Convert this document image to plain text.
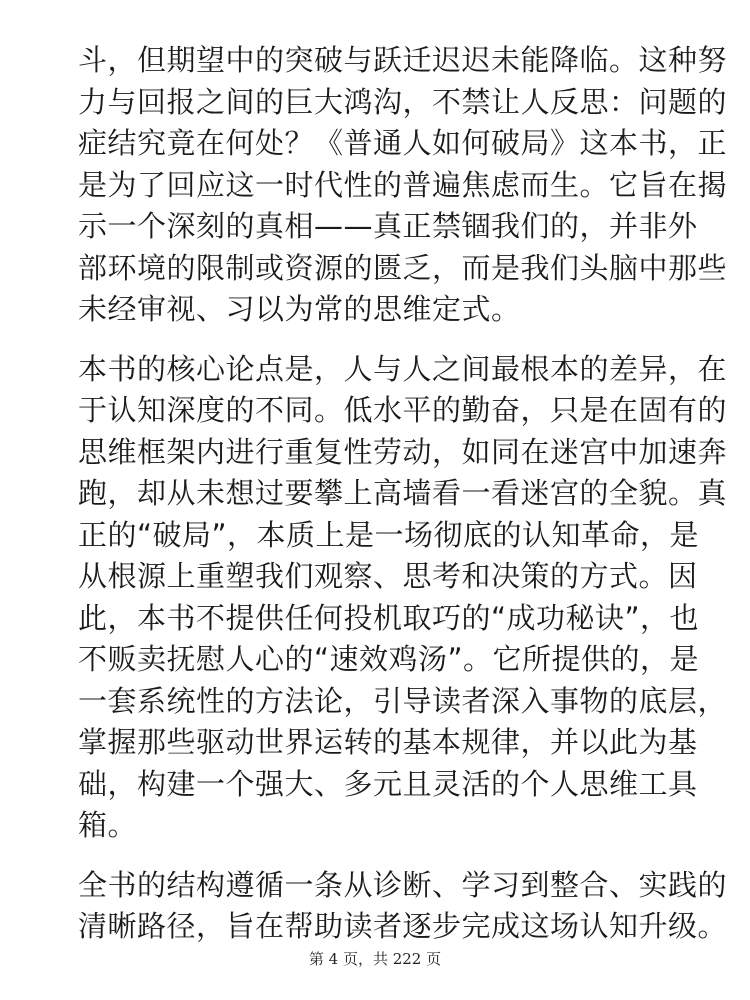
斗，但期望中的突破与跃迁迟迟未能降临。这种努
力与回报之间的巨大鸿沟，不禁让人反思：问题的
症结究竟在何处？《普通人如何破局》这本书，正
是为了回应这一时代性的普遍焦虑而生。它旨在揭
示一个深刻的真相——真正禁锢我们的，并非外
部环境的限制或资源的匮乏，而是我们头脑中那些
未经审视、习以为常的思维定式。

本书的核心论点是，人与人之间最根本的差异，在
于认知深度的不同。低水平的勤奋，只是在固有的
思维框架内进行重复性劳动，如同在迷宫中加速奔
跑，却从未想过要攀上高墙看一看迷宫的全貌。真
正的“破局”，本质上是一场彻底的认知革命，是
从根源上重塑我们观察、思考和决策的方式。因
此，本书不提供任何投机取巧的“成功秘诀”，也
不贩卖抚慰人心的“速效鸡汤”。它所提供的，是
一套系统性的方法论，引导读者深入事物的底层，
掌握那些驱动世界运转的基本规律，并以此为基
础，构建一个强大、多元且灵活的个人思维工具
箱。

全书的结构遵循一条从诊断、学习到整合、实践的
清晰路径，旨在帮助读者逐步完成这场认知升级。

第 4 页，共 222 页
